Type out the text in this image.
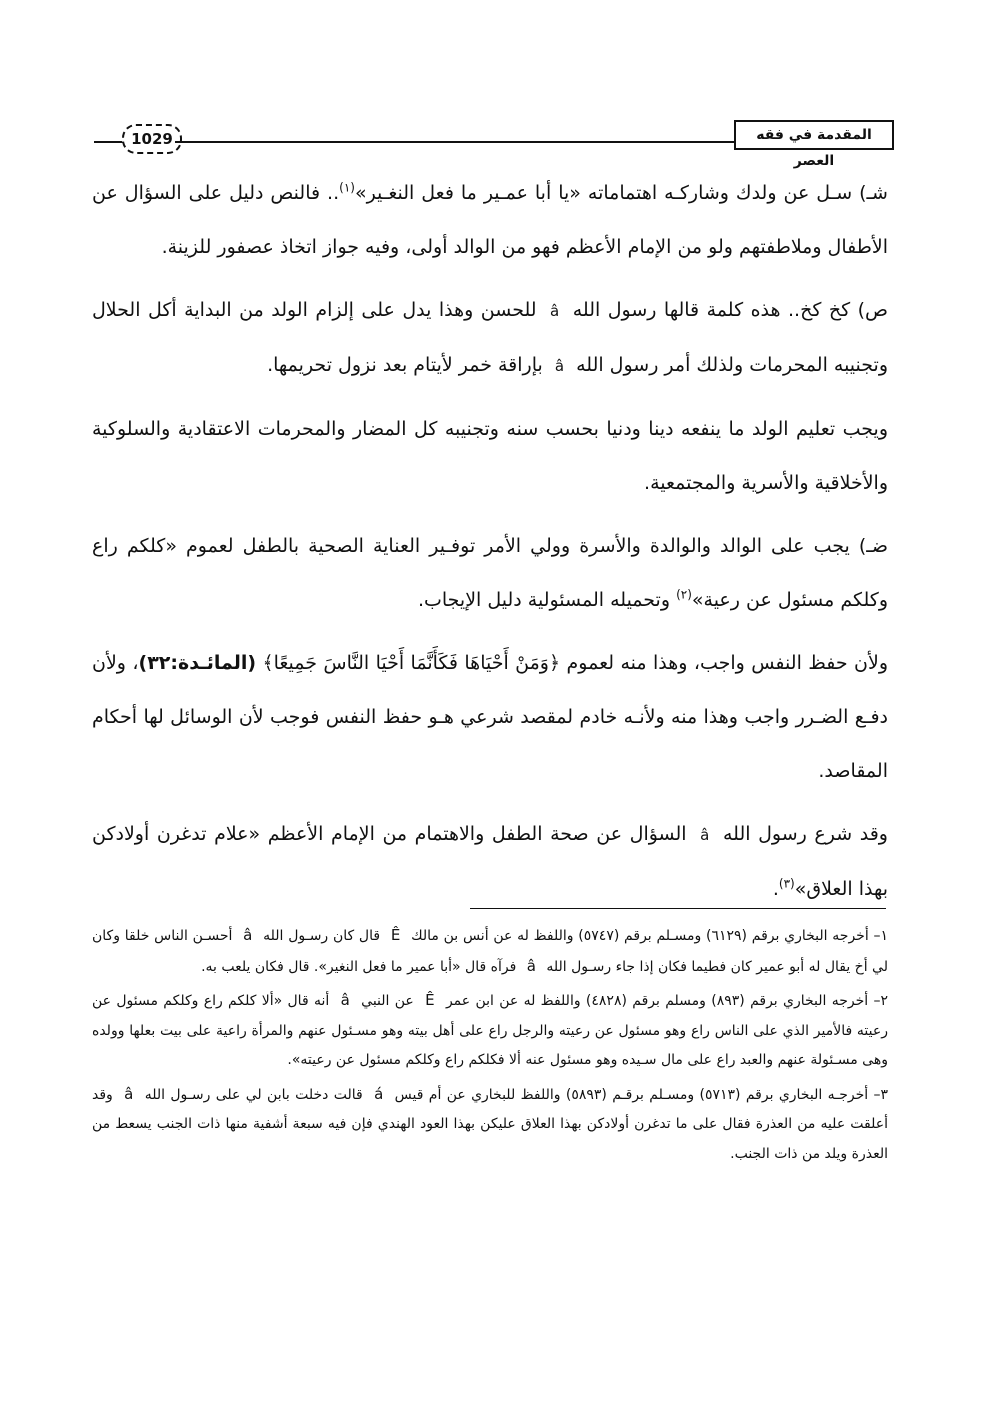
1029	المقدمة في فقه العصر

شـ) سـل عن ولدك وشاركـه اهتماماته «يا أبا عمـير ما فعل النغـير»$^{(١)}$.. فالنص دليل على السؤال عن الأطفال وملاطفتهم ولو من الإمام الأعظم فهو من الوالد أولى، وفيه جواز اتخاذ عصفور للزينة.

ص) كخ كخ.. هذه كلمة قالها رسول الله â للحسن وهذا يدل على إلزام الولد من البداية أكل الحلال وتجنيبه المحرمات ولذلك أمر رسول الله â بإراقة خمر لأيتام بعد نزول تحريمها.

ويجب تعليم الولد ما ينفعه دينا ودنيا بحسب سنه وتجنيبه كل المضار والمحرمات الاعتقادية والسلوكية والأخلاقية والأسرية والمجتمعية.

ضـ) يجب على الوالد والوالدة والأسرة وولي الأمر توفـير العناية الصحية بالطفل لعموم «كلكم راع وكلكم مسئول عن رعية»$^{(٢)}$ وتحميله المسئولية دليل الإيجاب.

ولأن حفظ النفس واجب، وهذا منه لعموم ﴿وَمَنْ أَحْيَاهَا فَكَأَنَّمَا أَحْيَا النَّاسَ جَمِيعًا﴾ (المائـدة:٣٢)، ولأن دفـع الضـرر واجب وهذا منه ولأنـه خادم لمقصد شرعي هـو حفظ النفس فوجب لأن الوسائل لها أحكام المقاصد.

وقد شرع رسول الله â السؤال عن صحة الطفل والاهتمام من الإمام الأعظم «علام تدغرن أولادكن بهذا العلاق»$^{(٣)}$.

١– أخرجه البخاري برقم (٦١٢٩) ومسـلم برقم (٥٧٤٧) واللفظ له عن أنس بن مالك Ê قال كان رسـول الله â أحسـن الناس خلقا وكان لي أخ يقال له أبو عمير كان فطيما فكان إذا جاء رسـول الله â فرآه قال «أبا عمير ما فعل النغير». قال فكان يلعب به.

٢– أخرجه البخاري برقم (٨٩٣) ومسلم برقم (٤٨٢٨) واللفظ له عن ابن عمر Ê عن النبي â أنه قال «ألا كلكم راع وكلكم مسئول عن رعيته فالأمير الذي على الناس راع وهو مسئول عن رعيته والرجل راع على أهل بيته وهو مسـئول عنهم والمرأة راعية على بيت بعلها وولده وهى مسـئولة عنهم والعبد راع على مال سـيده وهو مسئول عنه ألا فكلكم راع وكلكم مسئول عن رعيته».

٣– أخرجـه البخاري برقم (٥٧١٣) ومسـلم برقـم (٥٨٩٣) واللفظ للبخاري عن أم قيس á قالت دخلت بابن لي على رسـول الله â وقد أعلقت عليه من العذرة فقال على ما تدغرن أولادكن بهذا العلاق عليكن بهذا العود الهندي فإن فيه سبعة أشفية منها ذات الجنب يسعط من العذرة ويلد من ذات الجنب.
